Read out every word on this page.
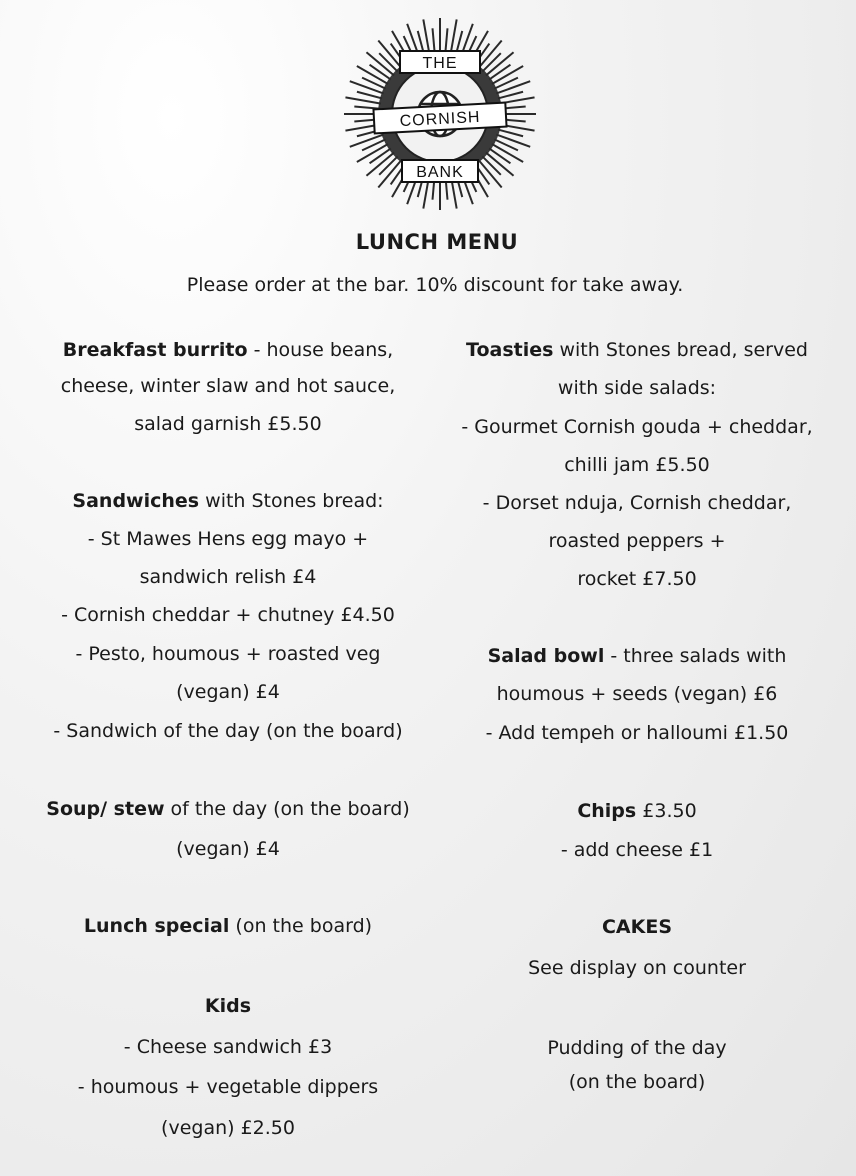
THE
CORNISH
BANK
LUNCH MENU
Please order at the bar. 10% discount for take away.
Breakfast burrito - house beans,
cheese, winter slaw and hot sauce,
salad garnish £5.50
Sandwiches with Stones bread:
- St Mawes Hens egg mayo +
sandwich relish £4
- Cornish cheddar + chutney £4.50
- Pesto, houmous + roasted veg
(vegan) £4
- Sandwich of the day (on the board)
Soup/ stew of the day (on the board)
(vegan) £4
Lunch special (on the board)
Kids
- Cheese sandwich £3
- houmous + vegetable dippers
(vegan) £2.50
Toasties with Stones bread, served
with side salads:
- Gourmet Cornish gouda + cheddar,
chilli jam £5.50
- Dorset nduja, Cornish cheddar,
roasted peppers +
rocket £7.50
Salad bowl - three salads with
houmous + seeds (vegan) £6
- Add tempeh or halloumi £1.50
Chips £3.50
- add cheese £1
CAKES
See display on counter
Pudding of the day
(on the board)
